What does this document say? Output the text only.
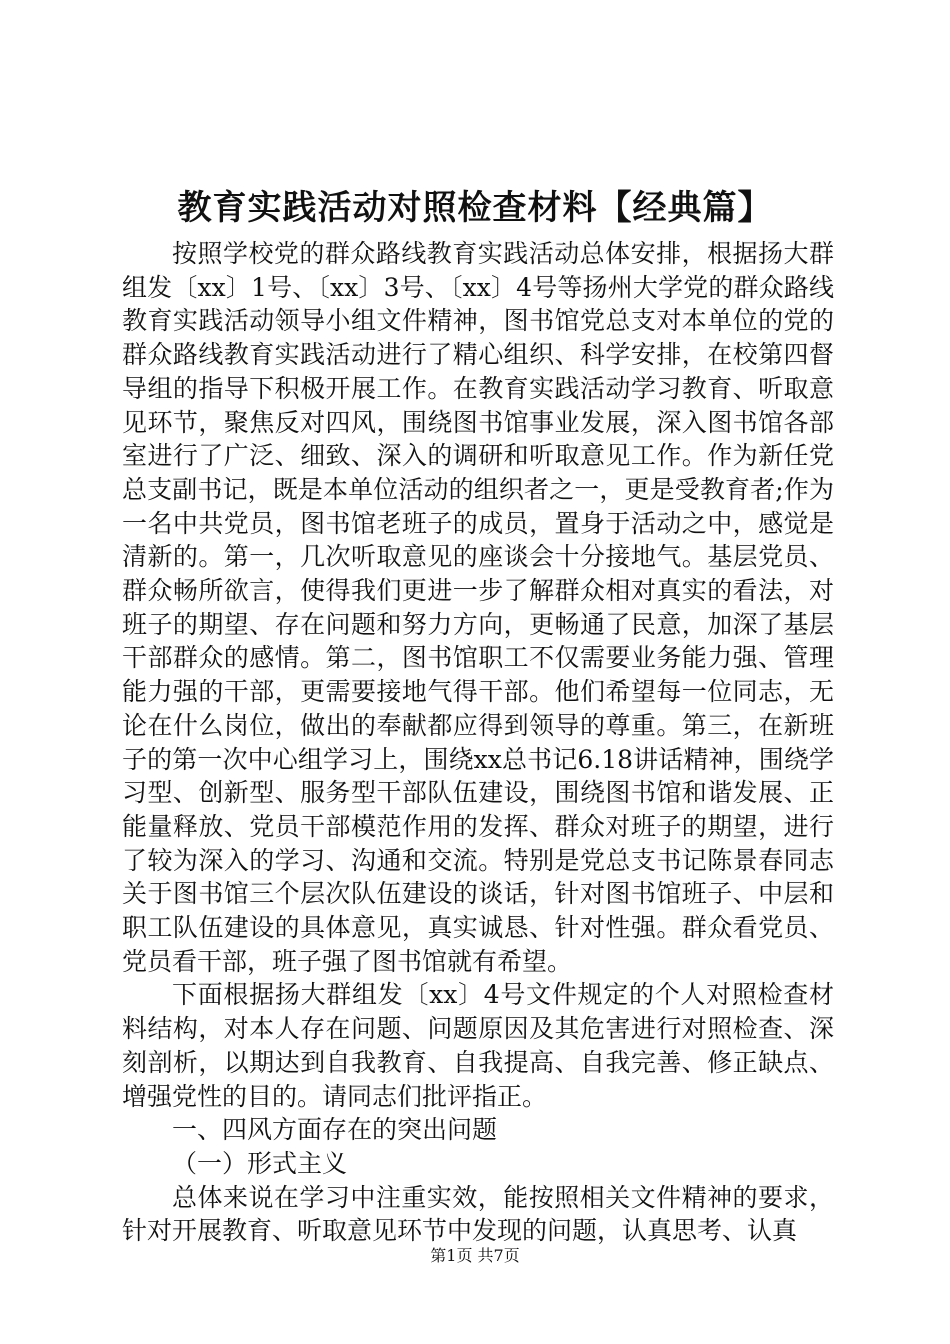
教育实践活动对照检查材料【经典篇】

按照学校党的群众路线教育实践活动总体安排，根据扬大群组发〔xx〕1号、〔xx〕3号、〔xx〕4号等扬州大学党的群众路线教育实践活动领导小组文件精神，图书馆党总支对本单位的党的群众路线教育实践活动进行了精心组织、科学安排，在校第四督导组的指导下积极开展工作。在教育实践活动学习教育、听取意见环节，聚焦反对四风，围绕图书馆事业发展，深入图书馆各部室进行了广泛、细致、深入的调研和听取意见工作。作为新任党总支副书记，既是本单位活动的组织者之一，更是受教育者;作为一名中共党员，图书馆老班子的成员，置身于活动之中，感觉是清新的。第一，几次听取意见的座谈会十分接地气。基层党员、群众畅所欲言，使得我们更进一步了解群众相对真实的看法，对班子的期望、存在问题和努力方向，更畅通了民意，加深了基层干部群众的感情。第二，图书馆职工不仅需要业务能力强、管理能力强的干部，更需要接地气得干部。他们希望每一位同志，无论在什么岗位，做出的奉献都应得到领导的尊重。第三，在新班子的第一次中心组学习上，围绕xx总书记6.18讲话精神，围绕学习型、创新型、服务型干部队伍建设，围绕图书馆和谐发展、正能量释放、党员干部模范作用的发挥、群众对班子的期望，进行了较为深入的学习、沟通和交流。特别是党总支书记陈景春同志关于图书馆三个层次队伍建设的谈话，针对图书馆班子、中层和职工队伍建设的具体意见，真实诚恳、针对性强。群众看党员、党员看干部，班子强了图书馆就有希望。

下面根据扬大群组发〔xx〕4号文件规定的个人对照检查材料结构，对本人存在问题、问题原因及其危害进行对照检查、深刻剖析，以期达到自我教育、自我提高、自我完善、修正缺点、增强党性的目的。请同志们批评指正。

一、四风方面存在的突出问题

（一）形式主义

总体来说在学习中注重实效，能按照相关文件精神的要求，针对开展教育、听取意见环节中发现的问题，认真思考、认真

第1页 共7页
